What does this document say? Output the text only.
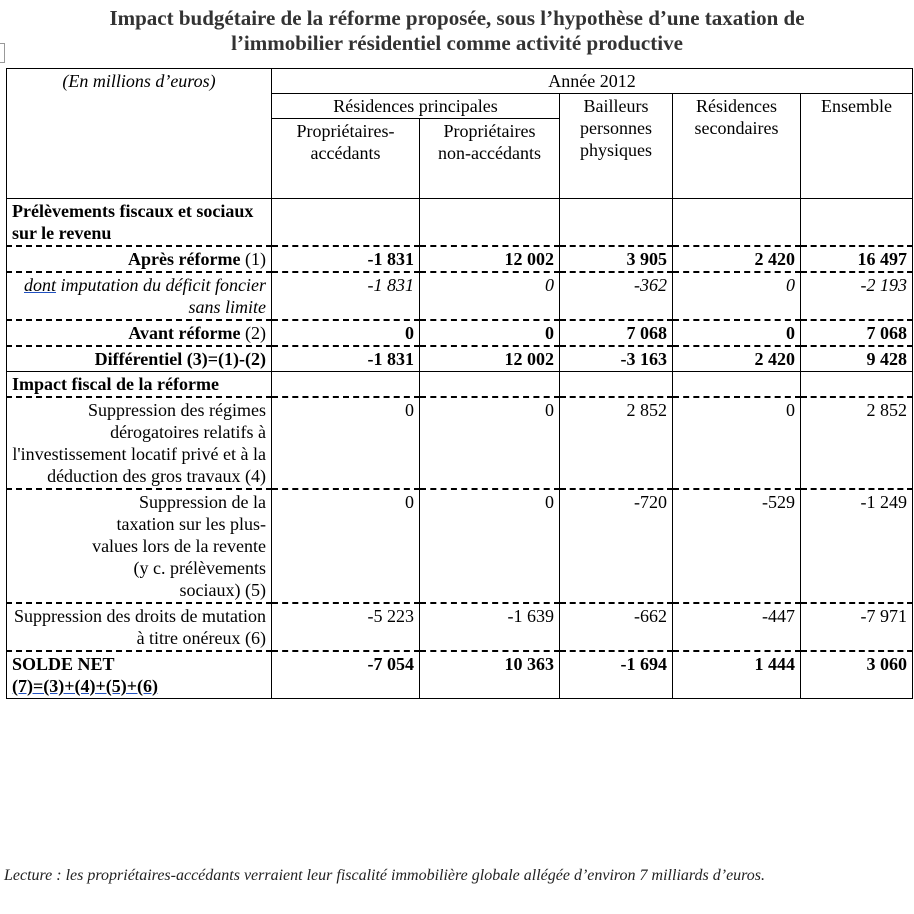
Impact budgétaire de la réforme proposée, sous l’hypothèse d’une taxation de
l’immobilier résidentiel comme activité productive
(En millions d’euros)	Année 2012				
	Résidences principales		Bailleurs personnes physiques	Résidences secondaires	Ensemble
	Propriétaires-accédants	Propriétaires non-accédants			
Prélèvements fiscaux et sociaux sur le revenu					
Après réforme (1)	-1 831	12 002	3 905	2 420	16 497
dont imputation du déficit foncier sans limite	-1 831	0	-362	0	-2 193
Avant réforme (2)	0	0	7 068	0	7 068
Différentiel (3)=(1)-(2)	-1 831	12 002	-3 163	2 420	9 428
Impact fiscal de la réforme					
Suppression des régimes dérogatoires relatifs à l'investissement locatif privé et à la déduction des gros travaux (4)	0	0	2 852	0	2 852
Suppression de la taxation sur les plus-values lors de la revente (y c. prélèvements sociaux) (5)	0	0	-720	-529	-1 249
Suppression des droits de mutation à titre onéreux (6)	-5 223	-1 639	-662	-447	-7 971

SOLDE NET
(7)=(3)+(4)+(5)+(6)	-7 054	10 363	-1 694	1 444	3 060
Lecture : les propriétaires-accédants verraient leur fiscalité immobilière globale allégée d’environ 7 milliards d’euros.
